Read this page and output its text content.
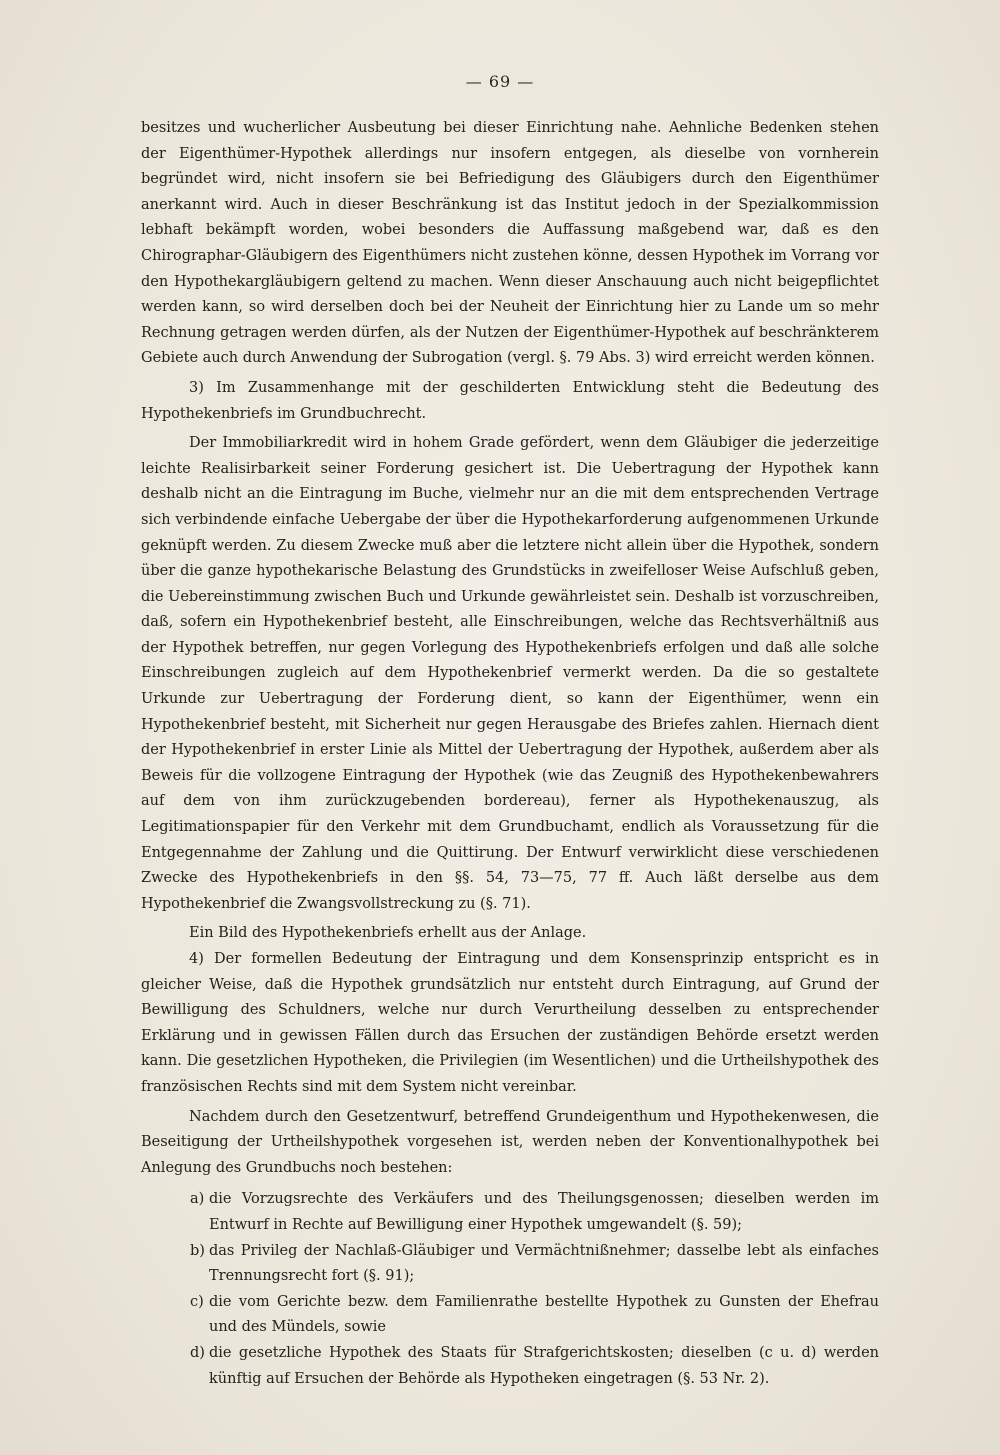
— 69 —

besitzes und wucherlicher Ausbeutung bei dieser Einrichtung nahe. Aehnliche Bedenken stehen der Eigenthümer-Hypothek allerdings nur insofern entgegen, als dieselbe von vornherein begründet wird, nicht insofern sie bei Befriedigung des Gläubigers durch den Eigenthümer anerkannt wird. Auch in dieser Beschränkung ist das Institut jedoch in der Spezialkommission lebhaft bekämpft worden, wobei besonders die Auffassung maßgebend war, daß es den Chirographar-Gläubigern des Eigenthümers nicht zustehen könne, dessen Hypothek im Vorrang vor den Hypothekargläubigern geltend zu machen. Wenn dieser Anschauung auch nicht beigepflichtet werden kann, so wird derselben doch bei der Neuheit der Einrichtung hier zu Lande um so mehr Rechnung getragen werden dürfen, als der Nutzen der Eigenthümer-Hypothek auf beschränkterem Gebiete auch durch Anwendung der Subrogation (vergl. §. 79 Abs. 3) wird erreicht werden können.

3) Im Zusammenhange mit der geschilderten Entwicklung steht die Bedeutung des Hypothekenbriefs im Grundbuchrecht.

Der Immobiliarkredit wird in hohem Grade gefördert, wenn dem Gläubiger die jederzeitige leichte Realisirbarkeit seiner Forderung gesichert ist. Die Uebertragung der Hypothek kann deshalb nicht an die Eintragung im Buche, vielmehr nur an die mit dem entsprechenden Vertrage sich verbindende einfache Uebergabe der über die Hypothekarforderung aufgenommenen Urkunde geknüpft werden. Zu diesem Zwecke muß aber die letztere nicht allein über die Hypothek, sondern über die ganze hypothekarische Belastung des Grundstücks in zweifelloser Weise Aufschluß geben, die Uebereinstimmung zwischen Buch und Urkunde gewährleistet sein. Deshalb ist vorzuschreiben, daß, sofern ein Hypothekenbrief besteht, alle Einschreibungen, welche das Rechtsverhältniß aus der Hypothek betreffen, nur gegen Vorlegung des Hypothekenbriefs erfolgen und daß alle solche Einschreibungen zugleich auf dem Hypothekenbrief vermerkt werden. Da die so gestaltete Urkunde zur Uebertragung der Forderung dient, so kann der Eigenthümer, wenn ein Hypothekenbrief besteht, mit Sicherheit nur gegen Herausgabe des Briefes zahlen. Hiernach dient der Hypothekenbrief in erster Linie als Mittel der Uebertragung der Hypothek, außerdem aber als Beweis für die vollzogene Eintragung der Hypothek (wie das Zeugniß des Hypothekenbewahrers auf dem von ihm zurückzugebenden bordereau), ferner als Hypothekenauszug, als Legitimationspapier für den Verkehr mit dem Grundbuchamt, endlich als Voraussetzung für die Entgegennahme der Zahlung und die Quittirung. Der Entwurf verwirklicht diese verschiedenen Zwecke des Hypothekenbriefs in den §§. 54, 73—75, 77 ff. Auch läßt derselbe aus dem Hypothekenbrief die Zwangsvollstreckung zu (§. 71).

Ein Bild des Hypothekenbriefs erhellt aus der Anlage.

4) Der formellen Bedeutung der Eintragung und dem Konsensprinzip entspricht es in gleicher Weise, daß die Hypothek grundsätzlich nur entsteht durch Eintragung, auf Grund der Bewilligung des Schuldners, welche nur durch Verurtheilung desselben zu entsprechender Erklärung und in gewissen Fällen durch das Ersuchen der zuständigen Behörde ersetzt werden kann. Die gesetzlichen Hypotheken, die Privilegien (im Wesentlichen) und die Urtheilshypothek des französischen Rechts sind mit dem System nicht vereinbar.

Nachdem durch den Gesetzentwurf, betreffend Grundeigenthum und Hypothekenwesen, die Beseitigung der Urtheilshypothek vorgesehen ist, werden neben der Konventionalhypothek bei Anlegung des Grundbuchs noch bestehen:

a) die Vorzugsrechte des Verkäufers und des Theilungsgenossen; dieselben werden im Entwurf in Rechte auf Bewilligung einer Hypothek umgewandelt (§. 59);
b) das Privileg der Nachlaß-Gläubiger und Vermächtnißnehmer; dasselbe lebt als einfaches Trennungsrecht fort (§. 91);
c) die vom Gerichte bezw. dem Familienrathe bestellte Hypothek zu Gunsten der Ehefrau und des Mündels, sowie
d) die gesetzliche Hypothek des Staats für Strafgerichtskosten; dieselben (c u. d) werden künftig auf Ersuchen der Behörde als Hypotheken eingetragen (§. 53 Nr. 2).
